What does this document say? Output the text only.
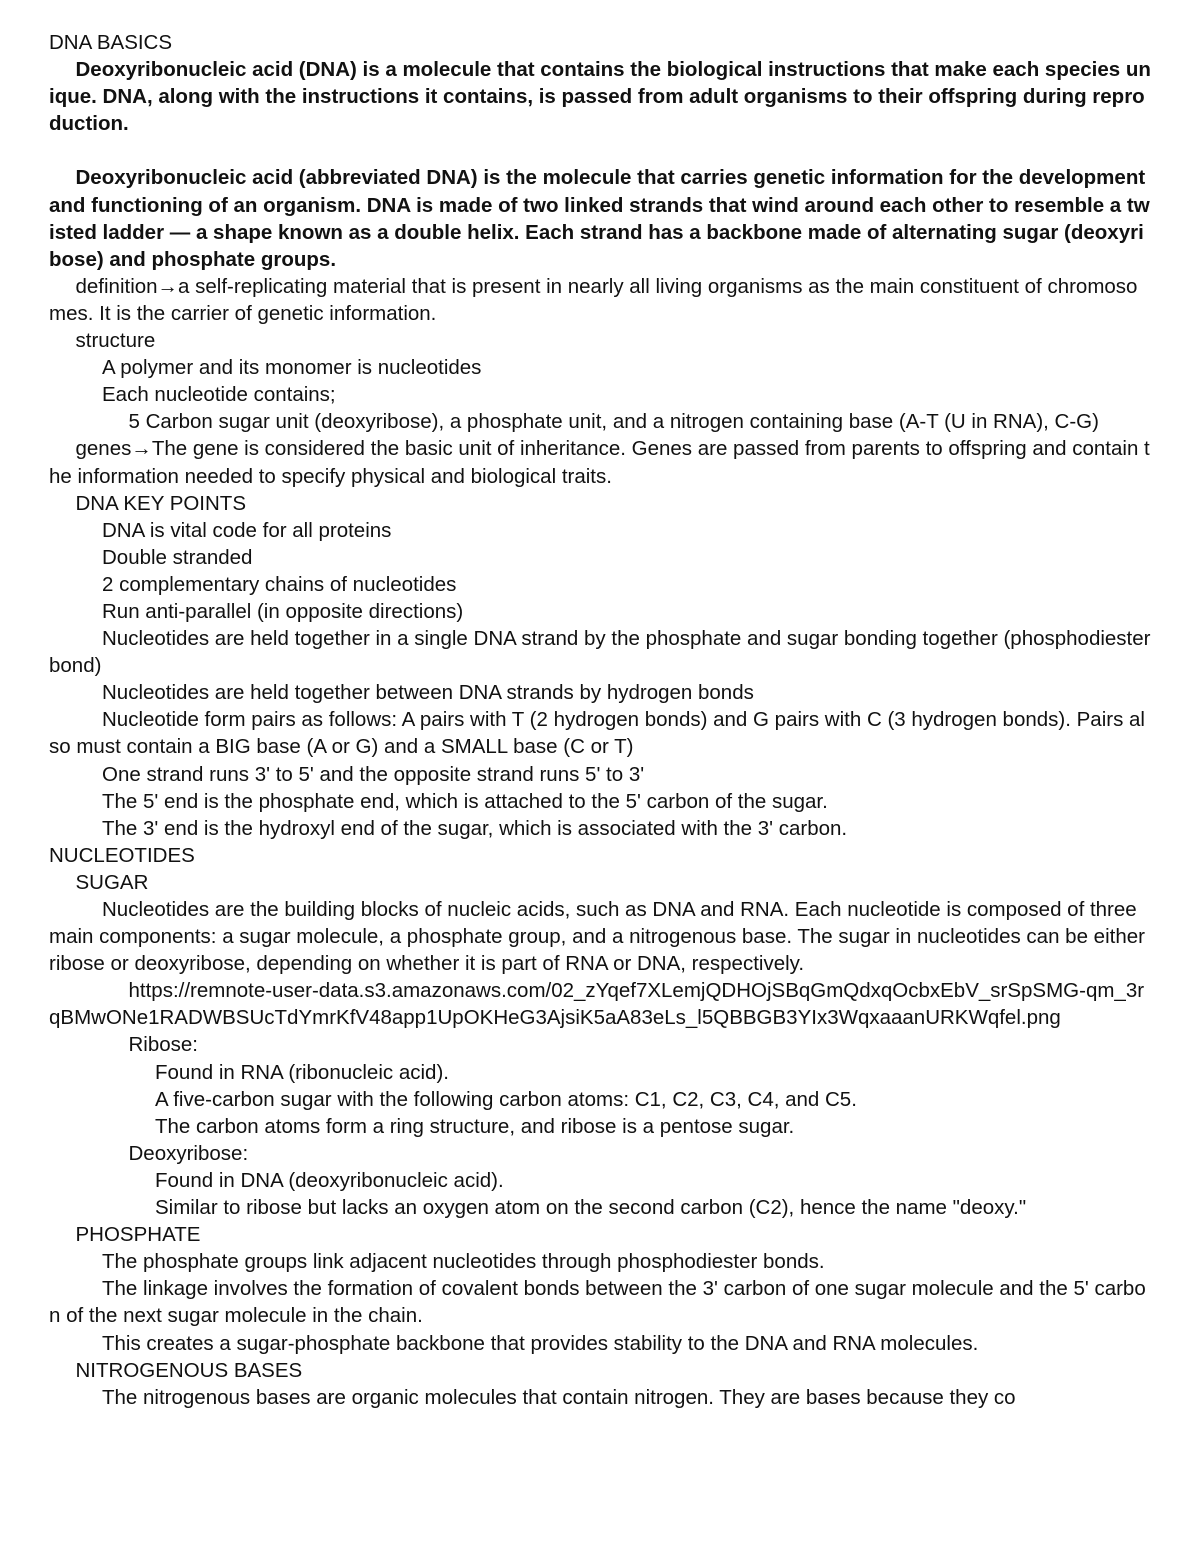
DNA BASICS
Deoxyribonucleic acid (DNA) is a molecule that contains the biological instructions that make each species unique. DNA, along with the instructions it contains, is passed from adult organisms to their offspring during reproduction.
Deoxyribonucleic acid (abbreviated DNA) is the molecule that carries genetic information for the development and functioning of an organism. DNA is made of two linked strands that wind around each other to resemble a twisted ladder — a shape known as a double helix. Each strand has a backbone made of alternating sugar (deoxyribose) and phosphate groups.
definition→a self-replicating material that is present in nearly all living organisms as the main constituent of chromosomes. It is the carrier of genetic information.
structure
A polymer and its monomer is nucleotides
Each nucleotide contains;
5 Carbon sugar unit (deoxyribose), a phosphate unit, and a nitrogen containing base (A-T (U in RNA), C-G)
genes→The gene is considered the basic unit of inheritance. Genes are passed from parents to offspring and contain the information needed to specify physical and biological traits.
DNA KEY POINTS
DNA is vital code for all proteins
Double stranded
2 complementary chains of nucleotides
Run anti-parallel (in opposite directions)
Nucleotides are held together in a single DNA strand by the phosphate and sugar bonding together (phosphodiester bond)
Nucleotides are held together between DNA strands by hydrogen bonds
Nucleotide form pairs as follows: A pairs with T (2 hydrogen bonds) and G pairs with C (3 hydrogen bonds). Pairs also must contain a BIG base (A or G) and a SMALL base (C or T)
One strand runs 3' to 5' and the opposite strand runs 5' to 3'
The 5' end is the phosphate end, which is attached to the 5' carbon of the sugar.
The 3' end is the hydroxyl end of the sugar, which is associated with the 3' carbon.
NUCLEOTIDES
SUGAR
Nucleotides are the building blocks of nucleic acids, such as DNA and RNA. Each nucleotide is composed of three main components: a sugar molecule, a phosphate group, and a nitrogenous base. The sugar in nucleotides can be either ribose or deoxyribose, depending on whether it is part of RNA or DNA, respectively.
https://remnote-user-data.s3.amazonaws.com/02_zYqef7XLemjQDHOjSBqGmQdxqOcbxEbV_srSpSMG-qm_3rqBMwONe1RADWBSUcTdYmrKfV48app1UpOKHeG3AjsiK5aA83eLs_l5QBBGB3YIx3WqxaaanURKWqfel.png
Ribose:
Found in RNA (ribonucleic acid).
A five-carbon sugar with the following carbon atoms: C1, C2, C3, C4, and C5.
The carbon atoms form a ring structure, and ribose is a pentose sugar.
Deoxyribose:
Found in DNA (deoxyribonucleic acid).
Similar to ribose but lacks an oxygen atom on the second carbon (C2), hence the name "deoxy."
PHOSPHATE
The phosphate groups link adjacent nucleotides through phosphodiester bonds.
The linkage involves the formation of covalent bonds between the 3' carbon of one sugar molecule and the 5' carbon of the next sugar molecule in the chain.
This creates a sugar-phosphate backbone that provides stability to the DNA and RNA molecules.
NITROGENOUS BASES
The nitrogenous bases are organic molecules that contain nitrogen. They are bases because they co
